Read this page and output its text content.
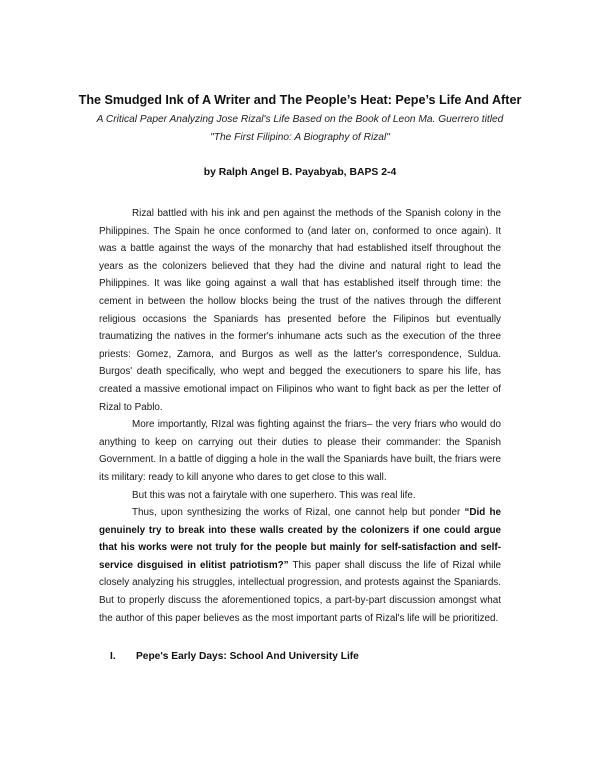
The Smudged Ink of A Writer and The People’s Heat: Pepe’s Life And After
A Critical Paper Analyzing Jose Rizal's Life Based on the Book of Leon Ma. Guerrero titled "The First Filipino: A Biography of Rizal"
by Ralph Angel B. Payabyab, BAPS 2-4

Rizal battled with his ink and pen against the methods of the Spanish colony in the Philippines. The Spain he once conformed to (and later on, conformed to once again). It was a battle against the ways of the monarchy that had established itself throughout the years as the colonizers believed that they had the divine and natural right to lead the Philippines. It was like going against a wall that has established itself through time: the cement in between the hollow blocks being the trust of the natives through the different religious occasions the Spaniards has presented before the Filipinos but eventually traumatizing the natives in the former's inhumane acts such as the execution of the three priests: Gomez, Zamora, and Burgos as well as the latter's correspondence, Suldua. Burgos' death specifically, who wept and begged the executioners to spare his life, has created a massive emotional impact on Filipinos who want to fight back as per the letter of Rizal to Pablo.

More importantly, RIzal was fighting against the friars– the very friars who would do anything to keep on carrying out their duties to please their commander: the Spanish Government. In a battle of digging a hole in the wall the Spaniards have built, the friars were its military: ready to kill anyone who dares to get close to this wall.

But this was not a fairytale with one superhero. This was real life.

Thus, upon synthesizing the works of Rizal, one cannot help but ponder “Did he genuinely try to break into these walls created by the colonizers if one could argue that his works were not truly for the people but mainly for self-satisfaction and self-service disguised in elitist patriotism?” This paper shall discuss the life of Rizal while closely analyzing his struggles, intellectual progression, and protests against the Spaniards. But to properly discuss the aforementioned topics, a part-by-part discussion amongst what the author of this paper believes as the most important parts of Rizal's life will be prioritized.

I. Pepe's Early Days: School And University Life
